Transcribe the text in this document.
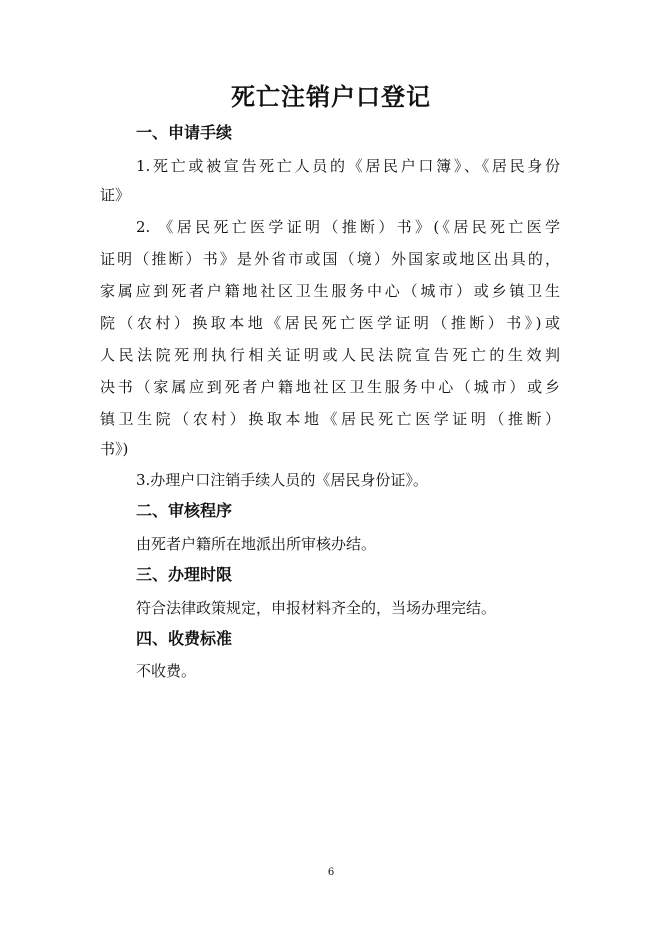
死亡注销户口登记
一、申请手续
1.死亡或被宣告死亡人员的《居民户口簿》、《居民身份
证》
2. 《居民死亡医学证明（推断）书》(《居民死亡医学
证明（推断）书》是外省市或国（境）外国家或地区出具的，
家属应到死者户籍地社区卫生服务中心（城市）或乡镇卫生
院（农村）换取本地《居民死亡医学证明（推断）书》)或
人民法院死刑执行相关证明或人民法院宣告死亡的生效判
决书（家属应到死者户籍地社区卫生服务中心（城市）或乡
镇卫生院（农村）换取本地《居民死亡医学证明（推断）
书》)
3.办理户口注销手续人员的《居民身份证》。
二、审核程序
由死者户籍所在地派出所审核办结。
三、办理时限
符合法律政策规定，申报材料齐全的，当场办理完结。
四、收费标准
不收费。
6
